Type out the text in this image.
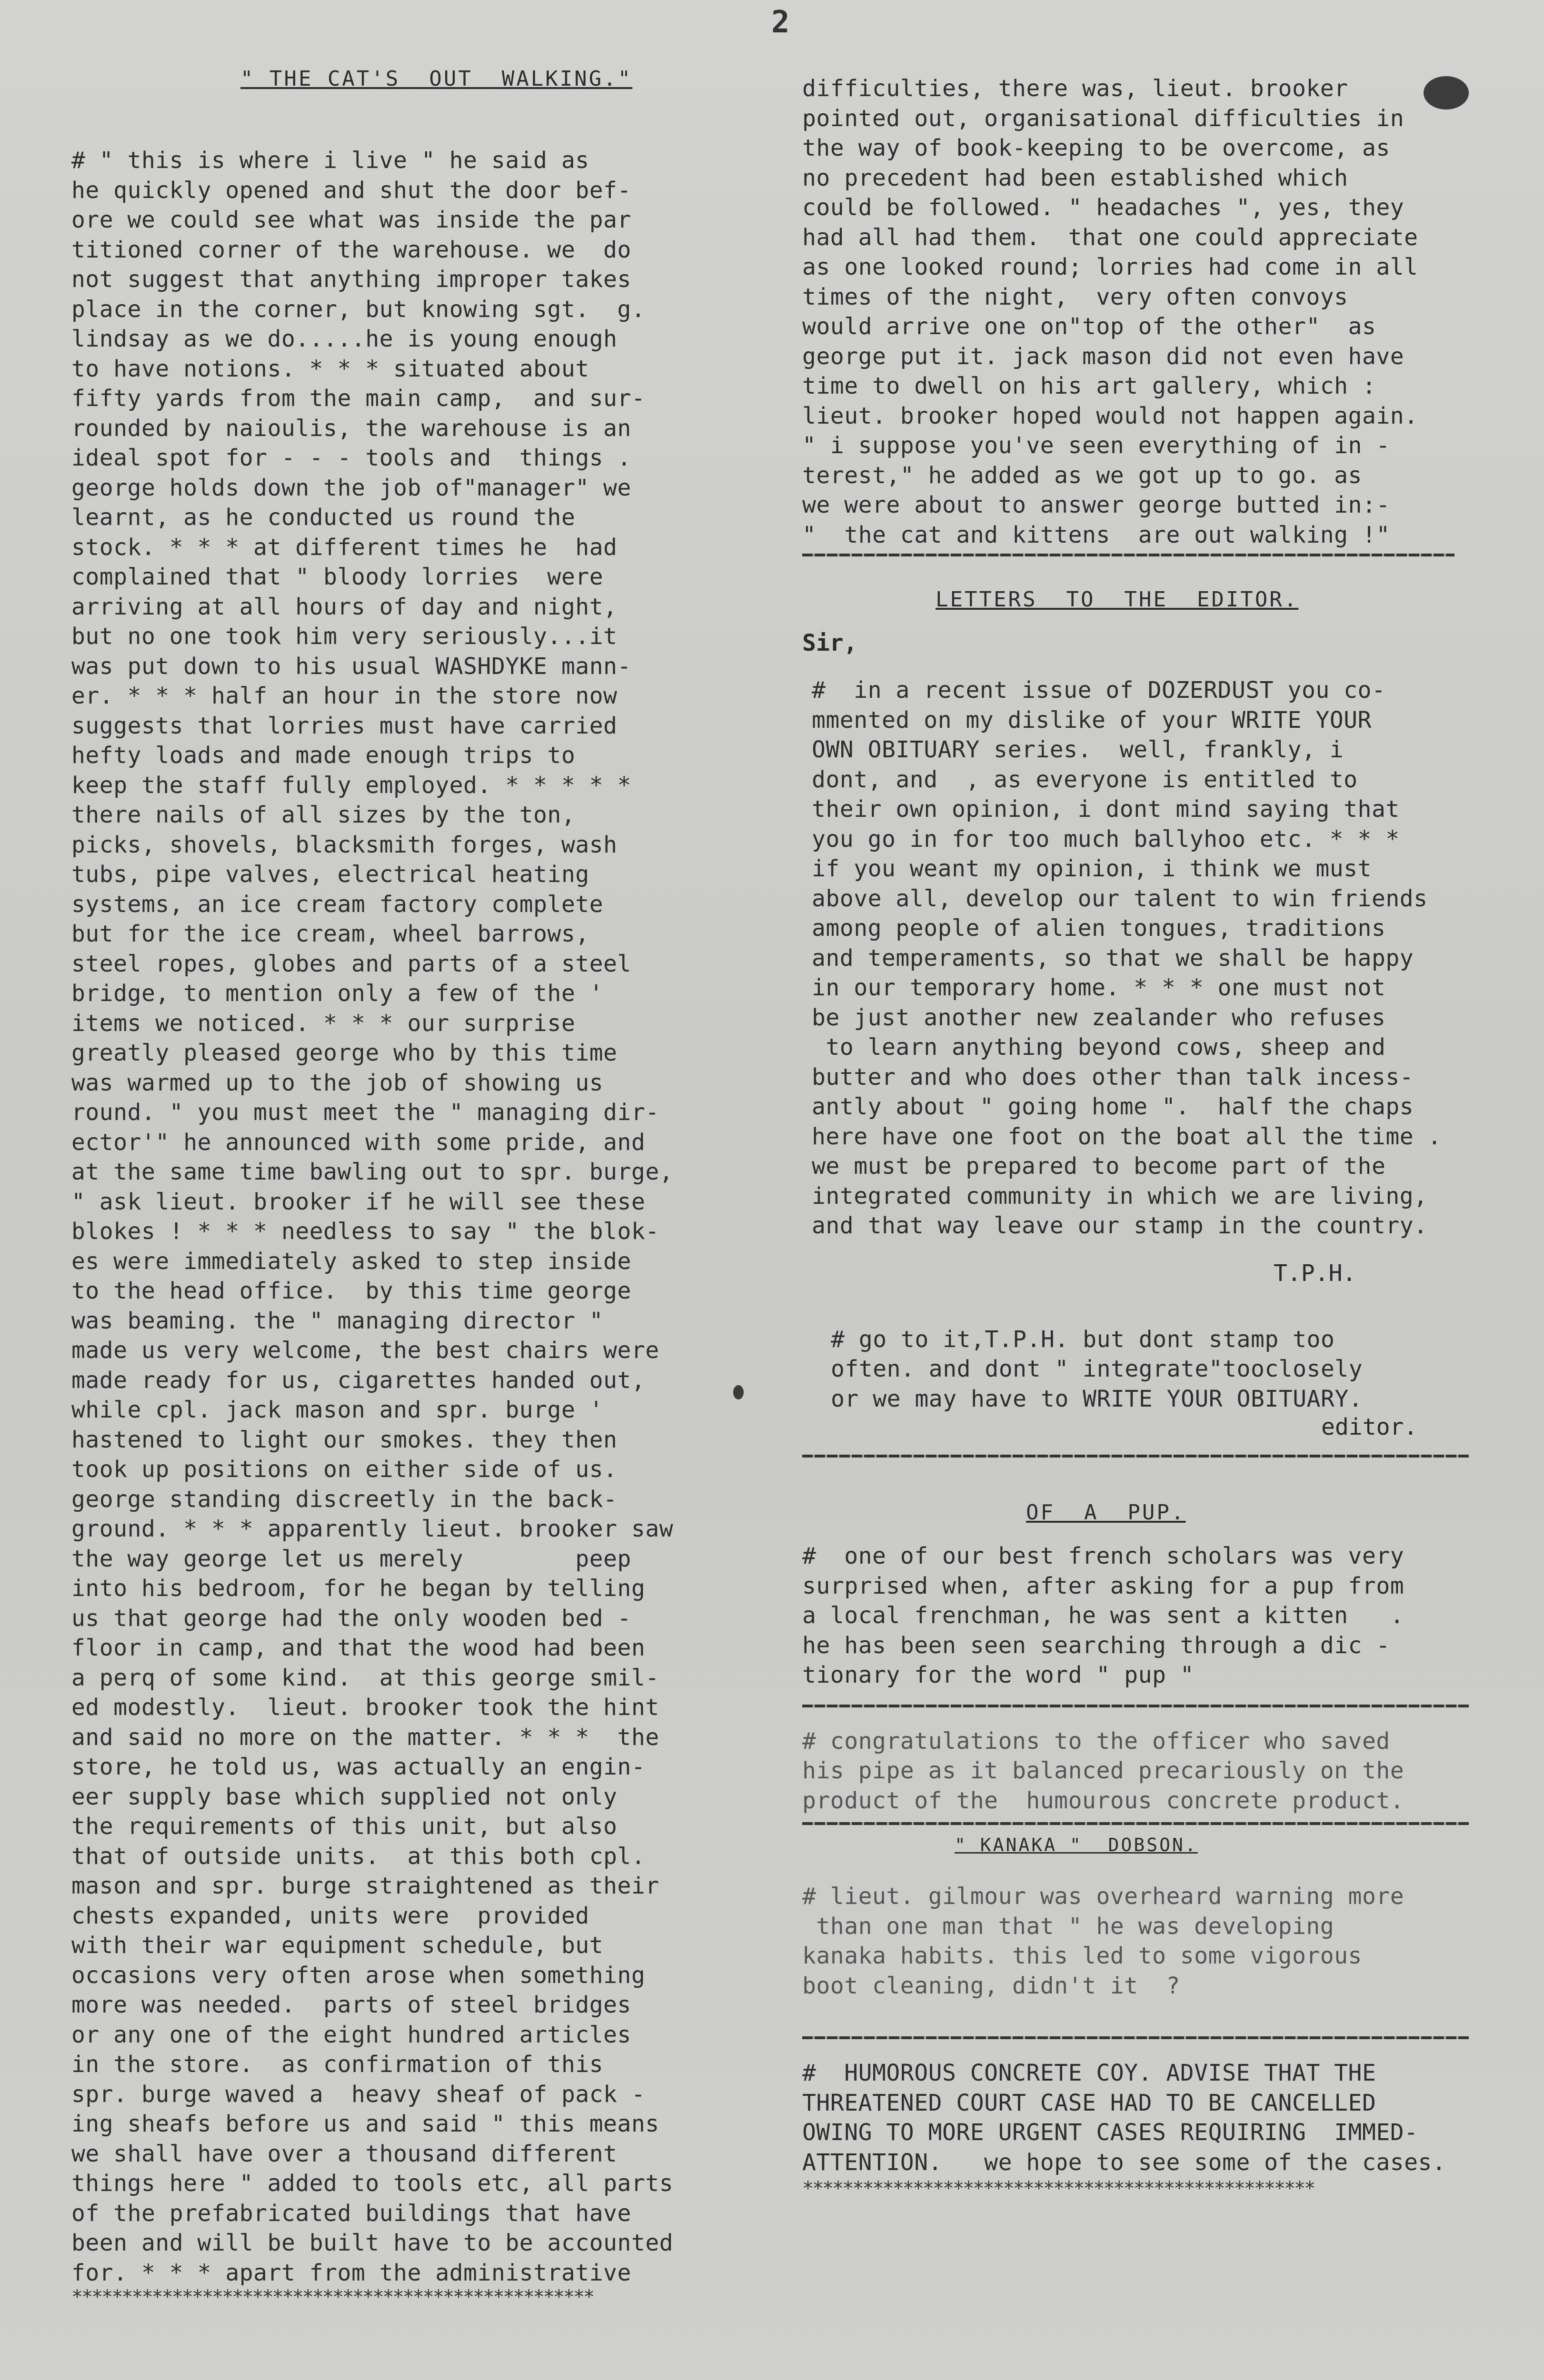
2
" THE CAT'S  OUT  WALKING."
# " this is where i live " he said as
he quickly opened and shut the door bef-
ore we could see what was inside the par
titioned corner of the warehouse. we  do
not suggest that anything improper takes
place in the corner, but knowing sgt.  g.
lindsay as we do.....he is young enough
to have notions. * * * situated about
fifty yards from the main camp,  and sur-
rounded by naioulis, the warehouse is an
ideal spot for - - - tools and  things .
george holds down the job of"manager" we
learnt, as he conducted us round the
stock. * * * at different times he  had
complained that " bloody lorries  were
arriving at all hours of day and night,
but no one took him very seriously...it
was put down to his usual WASHDYKE mann-
er. * * * half an hour in the store now
suggests that lorries must have carried
hefty loads and made enough trips to
keep the staff fully employed. * * * * *
there nails of all sizes by the ton,
picks, shovels, blacksmith forges, wash
tubs, pipe valves, electrical heating
systems, an ice cream factory complete
but for the ice cream, wheel barrows,
steel ropes, globes and parts of a steel
bridge, to mention only a few of the '
items we noticed. * * * our surprise
greatly pleased george who by this time
was warmed up to the job of showing us
round. " you must meet the " managing dir-
ector'" he announced with some pride, and
at the same time bawling out to spr. burge,
" ask lieut. brooker if he will see these
blokes ! * * * needless to say " the blok-
es were immediately asked to step inside
to the head office.  by this time george
was beaming. the " managing director "
made us very welcome, the best chairs were
made ready for us, cigarettes handed out,
while cpl. jack mason and spr. burge '
hastened to light our smokes. they then
took up positions on either side of us.
george standing discreetly in the back-
ground. * * * apparently lieut. brooker saw
the way george let us merely        peep
into his bedroom, for he began by telling
us that george had the only wooden bed -
floor in camp, and that the wood had been
a perq of some kind.  at this george smil-
ed modestly.  lieut. brooker took the hint
and said no more on the matter. * * *  the
store, he told us, was actually an engin-
eer supply base which supplied not only
the requirements of this unit, but also
that of outside units.  at this both cpl.
mason and spr. burge straightened as their
chests expanded, units were  provided
with their war equipment schedule, but
occasions very often arose when something
more was needed.  parts of steel bridges
or any one of the eight hundred articles
in the store.  as confirmation of this
spr. burge waved a  heavy sheaf of pack -
ing sheafs before us and said " this means
we shall have over a thousand different
things here " added to tools etc, all parts
of the prefabricated buildings that have
been and will be built have to be accounted
for. * * * apart from the administrative
****************************************************
difficulties, there was, lieut. brooker
pointed out, organisational difficulties in
the way of book-keeping to be overcome, as
no precedent had been established which
could be followed. " headaches ", yes, they
had all had them.  that one could appreciate
as one looked round; lorries had come in all
times of the night,  very often convoys
would arrive one on"top of the other"  as
george put it. jack mason did not even have
time to dwell on his art gallery, which :
lieut. brooker hoped would not happen again.
" i suppose you've seen everything of in -
terest," he added as we got up to go. as
we were about to answer george butted in:-
"  the cat and kittens  are out walking !"
LETTERS  TO  THE  EDITOR.
Sir,
#  in a recent issue of DOZERDUST you co-
mmented on my dislike of your WRITE YOUR
OWN OBITUARY series.  well, frankly, i
dont, and  , as everyone is entitled to
their own opinion, i dont mind saying that
you go in for too much ballyhoo etc. * * *
if you weant my opinion, i think we must
above all, develop our talent to win friends
among people of alien tongues, traditions
and temperaments, so that we shall be happy
in our temporary home. * * * one must not
be just another new zealander who refuses
to learn anything beyond cows, sheep and
butter and who does other than talk incess-
antly about " going home ".  half the chaps
here have one foot on the boat all the time .
we must be prepared to become part of the
integrated community in which we are living,
and that way leave our stamp in the country.
T.P.H.
# go to it,T.P.H. but dont stamp too
often. and dont " integrate"tooclosely
or we may have to WRITE YOUR OBITUARY.
editor.
OF  A  PUP.
#  one of our best french scholars was very
surprised when, after asking for a pup from
a local frenchman, he was sent a kitten   .
he has been seen searching through a dic -
tionary for the word " pup "
# congratulations to the officer who saved
his pipe as it balanced precariously on the
product of the  humourous concrete product.
" KANAKA "  DOBSON.
# lieut. gilmour was overheard warning more
than one man that " he was developing
kanaka habits. this led to some vigorous
boot cleaning, didn't it  ?
#  HUMOROUS CONCRETE COY. ADVISE THAT THE
THREATENED COURT CASE HAD TO BE CANCELLED
OWING TO MORE URGENT CASES REQUIRING  IMMED-
ATTENTION.   we hope to see some of the cases.
***************************************************
